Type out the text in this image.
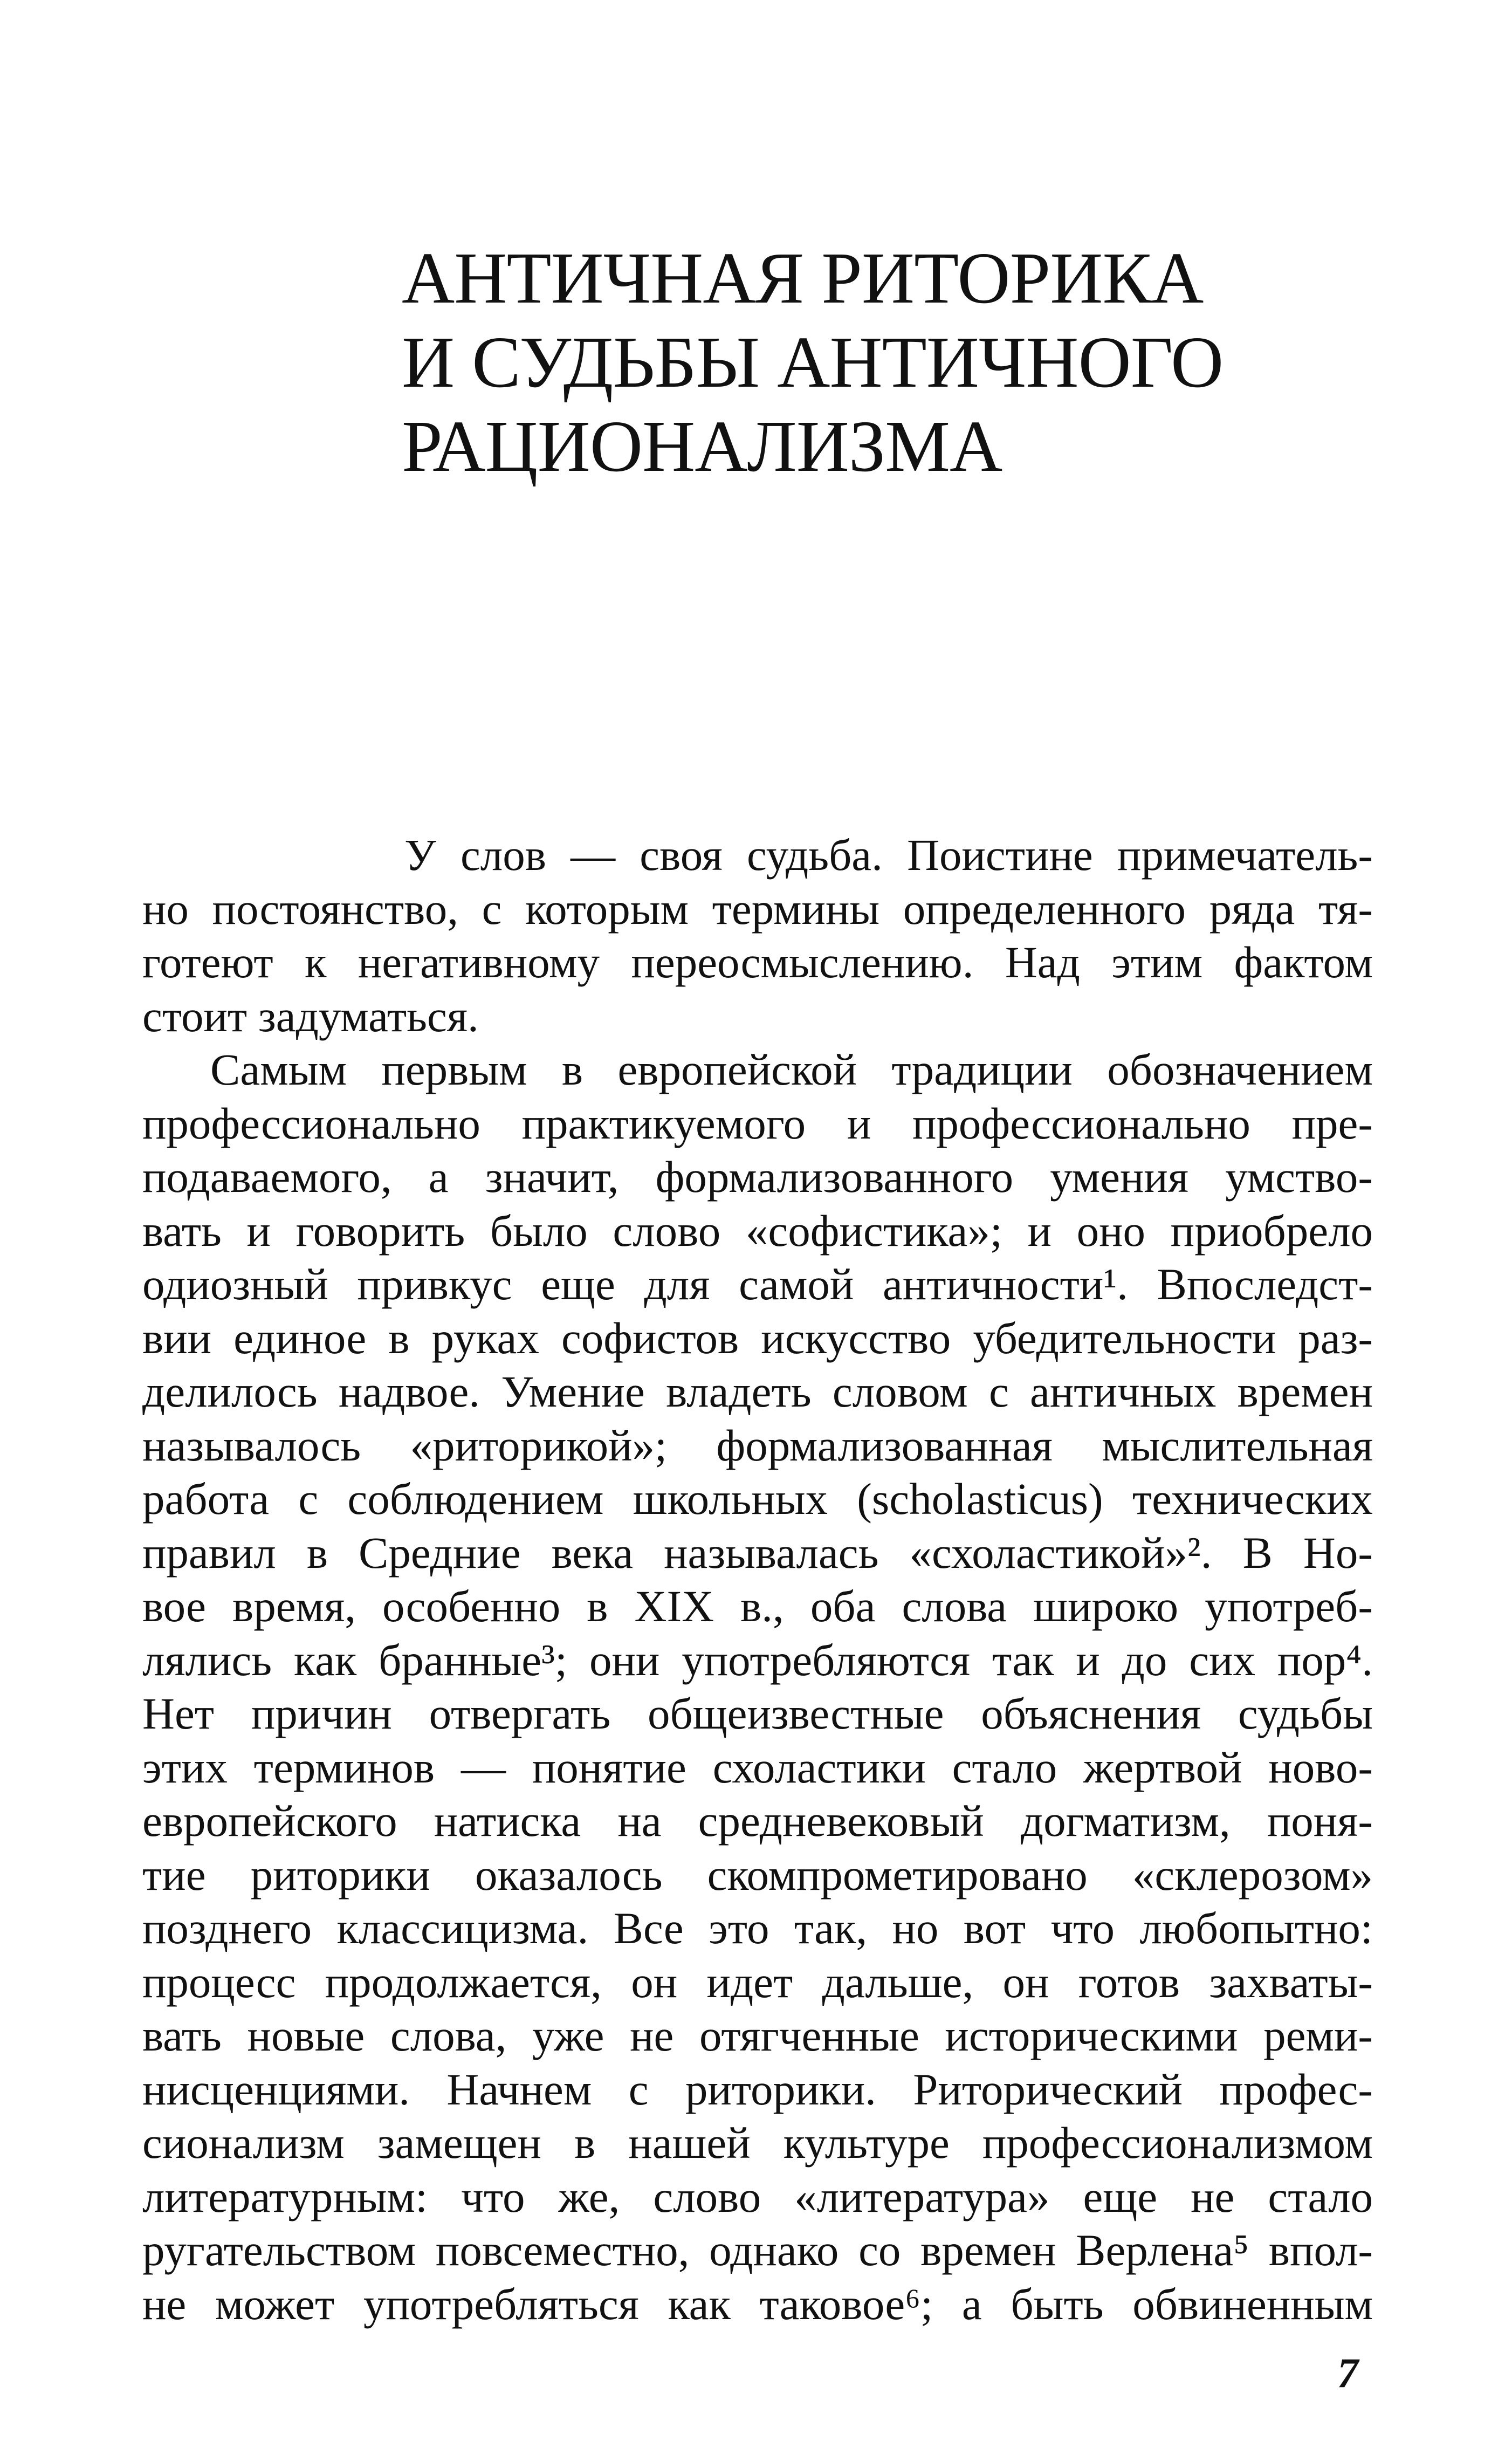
АНТИЧНАЯ РИТОРИКА
И СУДЬБЫ АНТИЧНОГО
РАЦИОНАЛИЗМА
У слов — своя судьба. Поистине примечатель-
но постоянство, с которым термины определенного ряда тя-
готеют к негативному переосмыслению. Над этим фактом
стоит задуматься.
Самым первым в европейской традиции обозначением
профессионально практикуемого и профессионально пре-
подаваемого, а значит, формализованного умения умство-
вать и говорить было слово «софистика»; и оно приобрело
одиозный привкус еще для самой античности¹. Впоследст-
вии единое в руках софистов искусство убедительности раз-
делилось надвое. Умение владеть словом с античных времен
называлось «риторикой»; формализованная мыслительная
работа с соблюдением школьных (scholasticus) технических
правил в Средние века называлась «схоластикой»². В Но-
вое время, особенно в XIX в., оба слова широко употреб-
лялись как бранные³; они употребляются так и до сих пор⁴.
Нет причин отвергать общеизвестные объяснения судьбы
этих терминов — понятие схоластики стало жертвой ново-
европейского натиска на средневековый догматизм, поня-
тие риторики оказалось скомпрометировано «склерозом»
позднего классицизма. Все это так, но вот что любопытно:
процесс продолжается, он идет дальше, он готов захваты-
вать новые слова, уже не отягченные историческими реми-
нисценциями. Начнем с риторики. Риторический профес-
сионализм замещен в нашей культуре профессионализмом
литературным: что же, слово «литература» еще не стало
ругательством повсеместно, однако со времен Верлена⁵ впол-
не может употребляться как таковое⁶; а быть обвиненным
7
